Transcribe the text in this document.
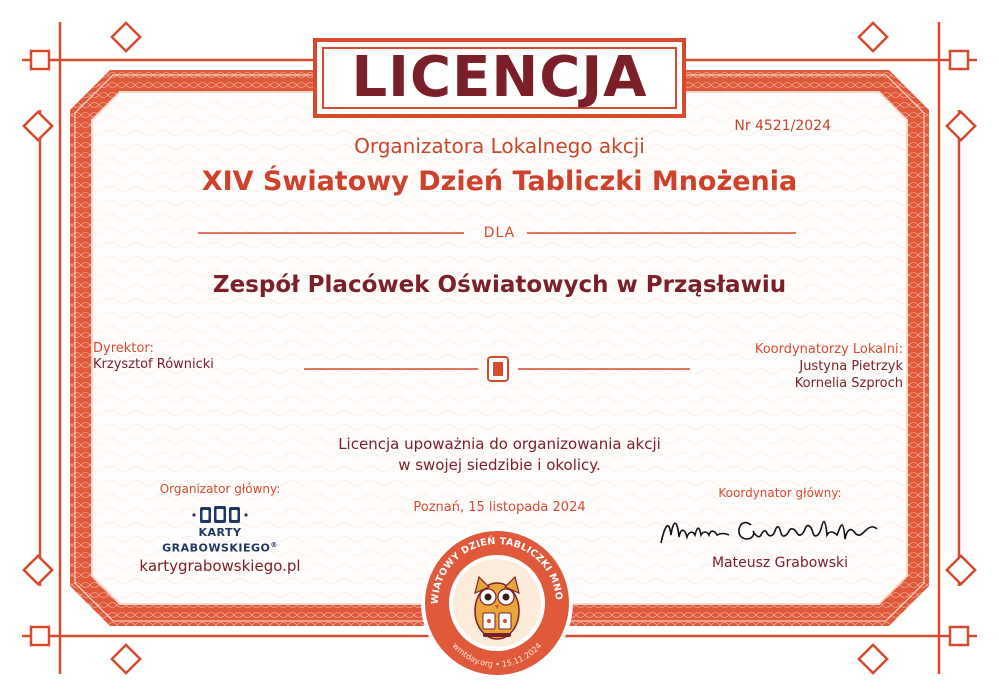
LICENCJA
Nr 4521/2024
Organizatora Lokalnego akcji
XIV Światowy Dzień Tabliczki Mnożenia
DLA
Zespół Placówek Oświatowych w Prząsławiu
Dyrektor:
Krzysztof Równicki
Koordynatorzy Lokalni:
Justyna Pietrzyk
Kornelia Szproch
Licencja upoważnia do organizowania akcji
w swojej siedzibie i okolicy.
Poznań, 15 listopada 2024
Organizator główny:
KARTY
GRABOWSKIEGO®
kartygrabowskiego.pl
Koordynator główny:
Mateusz Grabowski
WIATOWY DZIEŃ TABLICZKI MNO
wmtday.org • 15.11.2024
